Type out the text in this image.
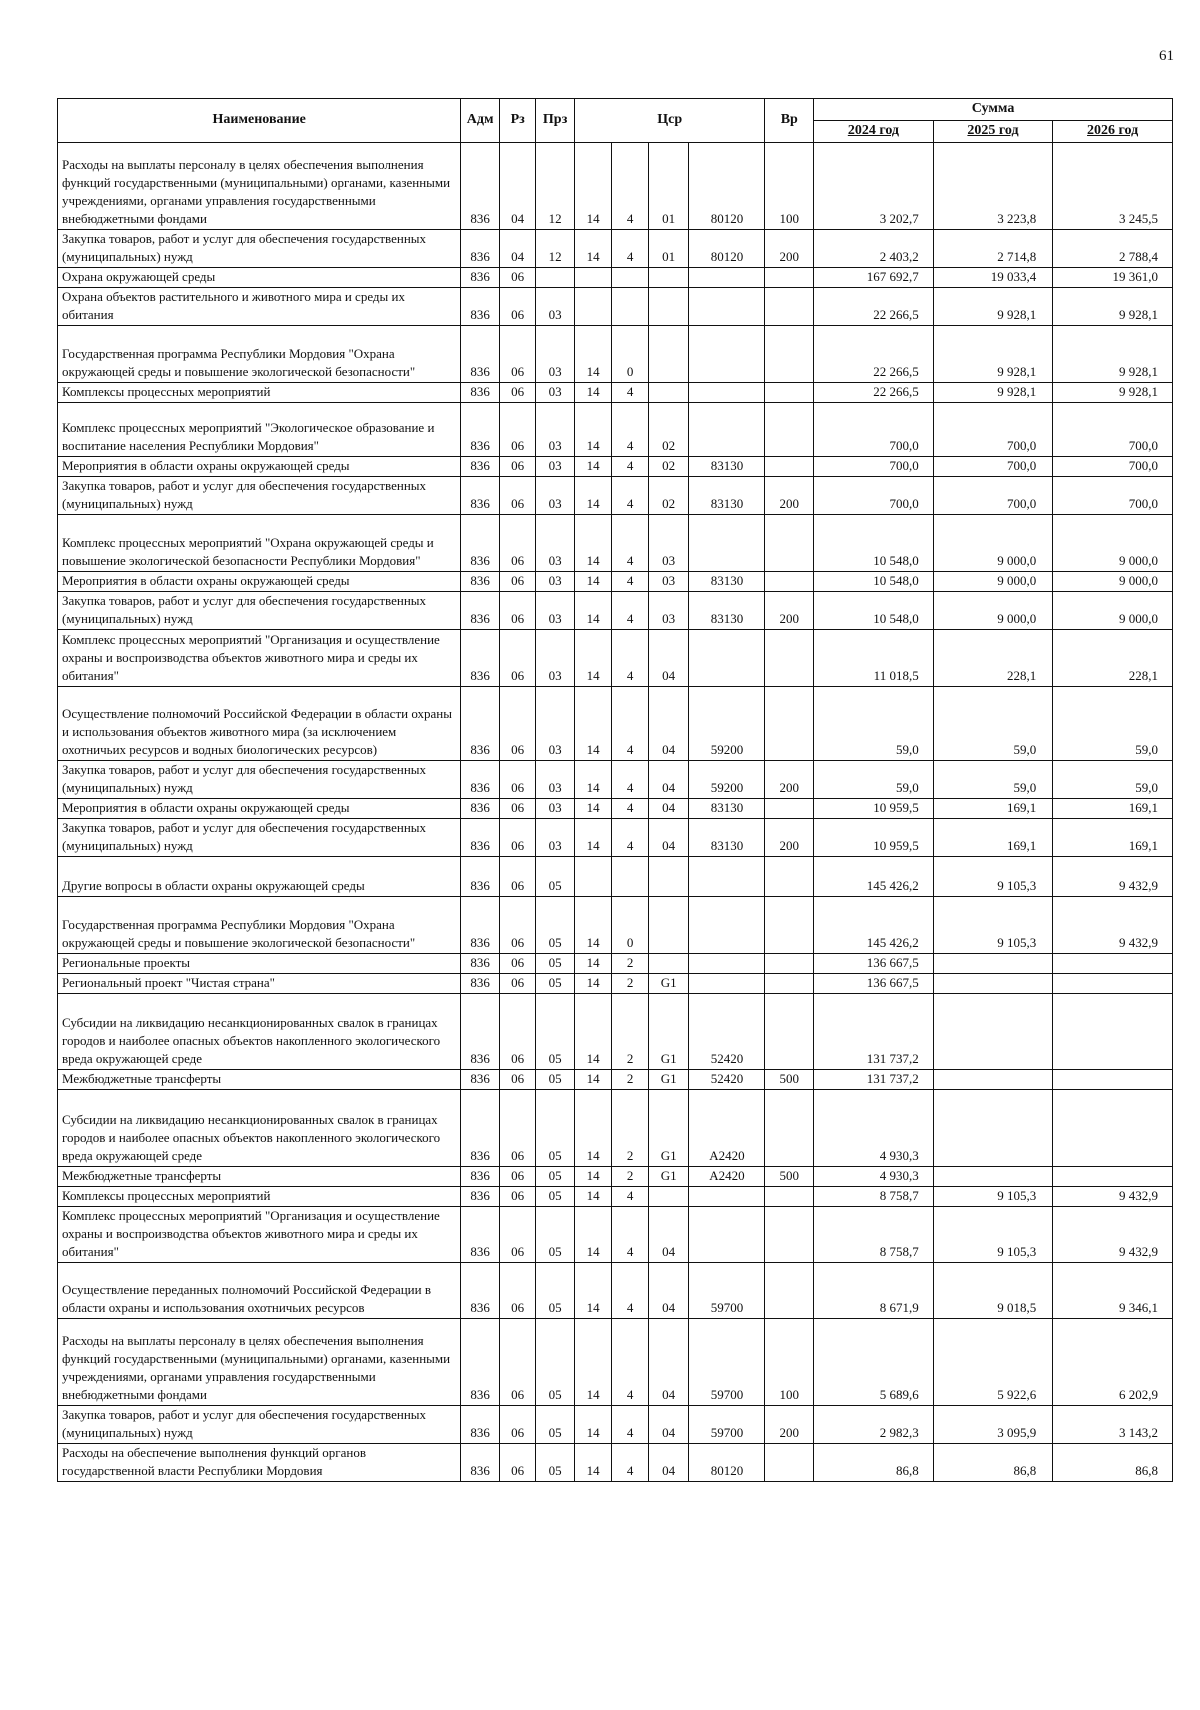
61
Наименование	Адм	Рз	Прз	Цср				Вр	Сумма		
									2024 год	2025 год	2026 год
Расходы на выплаты персоналу в целях обеспечения выполнения функций государственными (муниципальными) органами, казенными учреждениями, органами управления государственными внебюджетными фондами	836	04	12	14	4	01	80120	100	3 202,7	3 223,8	3 245,5
Закупка товаров, работ и услуг для обеспечения государственных (муниципальных) нужд	836	04	12	14	4	01	80120	200	2 403,2	2 714,8	2 788,4
Охрана окружающей среды	836	06							167 692,7	19 033,4	19 361,0
Охрана объектов растительного и животного мира и среды их обитания	836	06	03						22 266,5	9 928,1	9 928,1
Государственная программа Республики Мордовия "Охрана окружающей среды и повышение экологической безопасности"	836	06	03	14	0				22 266,5	9 928,1	9 928,1
Комплексы процессных мероприятий	836	06	03	14	4				22 266,5	9 928,1	9 928,1
Комплекс процессных мероприятий "Экологическое образование и воспитание населения Республики Мордовия"	836	06	03	14	4	02			700,0	700,0	700,0
Мероприятия в области охраны окружающей среды	836	06	03	14	4	02	83130		700,0	700,0	700,0
Закупка товаров, работ и услуг для обеспечения государственных (муниципальных) нужд	836	06	03	14	4	02	83130	200	700,0	700,0	700,0
Комплекс процессных мероприятий "Охрана окружающей среды и повышение экологической безопасности Республики Мордовия"	836	06	03	14	4	03			10 548,0	9 000,0	9 000,0
Мероприятия в области охраны окружающей среды	836	06	03	14	4	03	83130		10 548,0	9 000,0	9 000,0
Закупка товаров, работ и услуг для обеспечения государственных (муниципальных) нужд	836	06	03	14	4	03	83130	200	10 548,0	9 000,0	9 000,0
Комплекс процессных мероприятий "Организация и осуществление охраны и воспроизводства объектов животного мира и среды их обитания"	836	06	03	14	4	04			11 018,5	228,1	228,1
Осуществление полномочий Российской Федерации в области охраны и использования объектов животного мира (за исключением охотничьих ресурсов и водных биологических ресурсов)	836	06	03	14	4	04	59200		59,0	59,0	59,0
Закупка товаров, работ и услуг для обеспечения государственных (муниципальных) нужд	836	06	03	14	4	04	59200	200	59,0	59,0	59,0
Мероприятия в области охраны окружающей среды	836	06	03	14	4	04	83130		10 959,5	169,1	169,1
Закупка товаров, работ и услуг для обеспечения государственных (муниципальных) нужд	836	06	03	14	4	04	83130	200	10 959,5	169,1	169,1
Другие вопросы в области охраны окружающей среды	836	06	05						145 426,2	9 105,3	9 432,9
Государственная программа Республики Мордовия "Охрана окружающей среды и повышение экологической безопасности"	836	06	05	14	0				145 426,2	9 105,3	9 432,9
Региональные проекты	836	06	05	14	2				136 667,5		
Региональный проект "Чистая страна"	836	06	05	14	2	G1			136 667,5		
Субсидии на ликвидацию несанкционированных свалок в границах городов и наиболее опасных объектов накопленного экологического вреда окружающей среде	836	06	05	14	2	G1	52420		131 737,2		
Межбюджетные трансферты	836	06	05	14	2	G1	52420	500	131 737,2		
Субсидии на ликвидацию несанкционированных свалок в границах городов и наиболее опасных объектов накопленного экологического вреда окружающей среде	836	06	05	14	2	G1	А2420		4 930,3		
Межбюджетные трансферты	836	06	05	14	2	G1	А2420	500	4 930,3		
Комплексы процессных мероприятий	836	06	05	14	4				8 758,7	9 105,3	9 432,9
Комплекс процессных мероприятий "Организация и осуществление охраны и воспроизводства объектов животного мира и среды их обитания"	836	06	05	14	4	04			8 758,7	9 105,3	9 432,9
Осуществление переданных полномочий Российской Федерации в области охраны и использования охотничьих ресурсов	836	06	05	14	4	04	59700		8 671,9	9 018,5	9 346,1
Расходы на выплаты персоналу в целях обеспечения выполнения функций государственными (муниципальными) органами, казенными учреждениями, органами управления государственными внебюджетными фондами	836	06	05	14	4	04	59700	100	5 689,6	5 922,6	6 202,9
Закупка товаров, работ и услуг для обеспечения государственных (муниципальных) нужд	836	06	05	14	4	04	59700	200	2 982,3	3 095,9	3 143,2
Расходы на обеспечение выполнения функций органов государственной власти Республики Мордовия	836	06	05	14	4	04	80120		86,8	86,8	86,8
